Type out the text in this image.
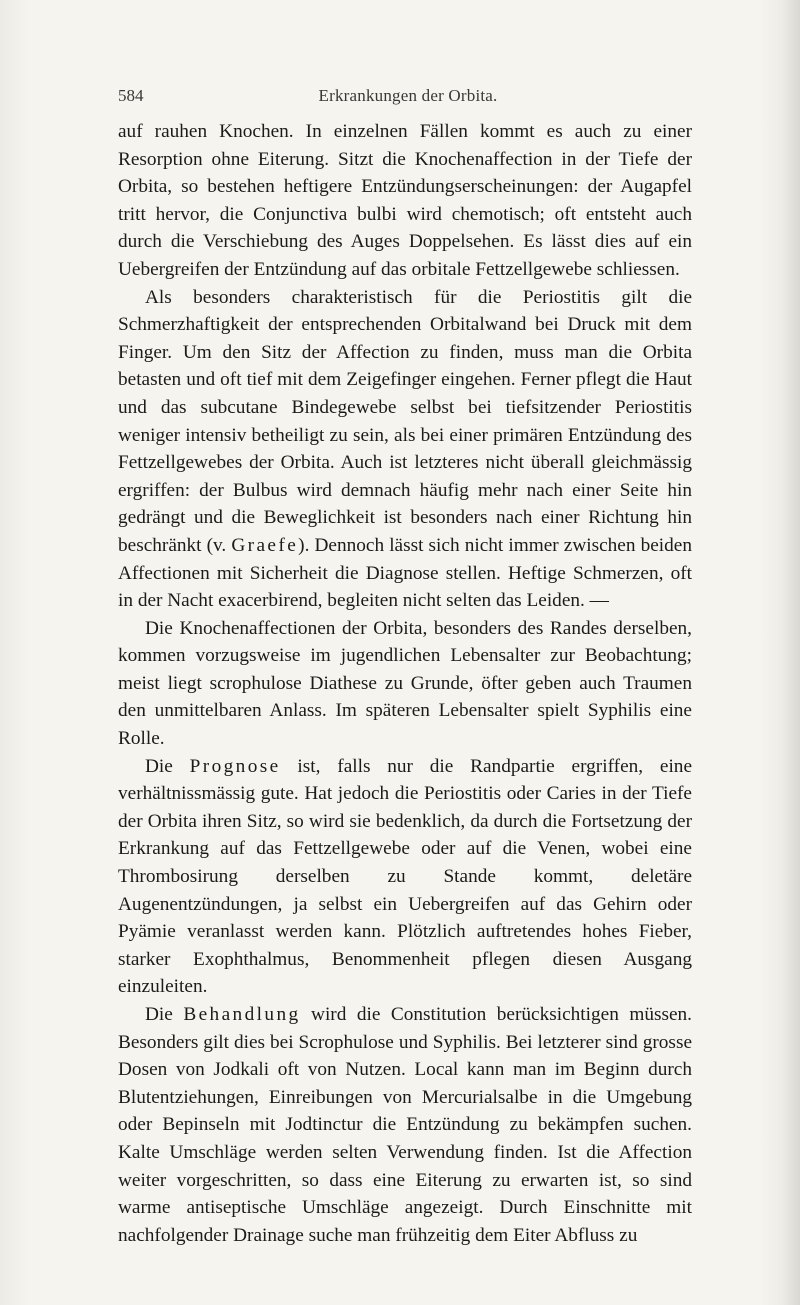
584	Erkrankungen der Orbita.

auf rauhen Knochen. In einzelnen Fällen kommt es auch zu einer Resorption ohne Eiterung. Sitzt die Knochenaffection in der Tiefe der Orbita, so bestehen heftigere Entzündungserscheinungen: der Augapfel tritt hervor, die Conjunctiva bulbi wird chemotisch; oft entsteht auch durch die Verschiebung des Auges Doppelsehen. Es lässt dies auf ein Uebergreifen der Entzündung auf das orbitale Fettzellgewebe schliessen.

Als besonders charakteristisch für die Periostitis gilt die Schmerzhaftigkeit der entsprechenden Orbitalwand bei Druck mit dem Finger. Um den Sitz der Affection zu finden, muss man die Orbita betasten und oft tief mit dem Zeigefinger eingehen. Ferner pflegt die Haut und das subcutane Bindegewebe selbst bei tiefsitzender Periostitis weniger intensiv betheiligt zu sein, als bei einer primären Entzündung des Fettzellgewebes der Orbita. Auch ist letzteres nicht überall gleichmässig ergriffen: der Bulbus wird demnach häufig mehr nach einer Seite hin gedrängt und die Beweglichkeit ist besonders nach einer Richtung hin beschränkt (v. Graefe). Dennoch lässt sich nicht immer zwischen beiden Affectionen mit Sicherheit die Diagnose stellen. Heftige Schmerzen, oft in der Nacht exacerbirend, begleiten nicht selten das Leiden. —

Die Knochenaffectionen der Orbita, besonders des Randes derselben, kommen vorzugsweise im jugendlichen Lebensalter zur Beobachtung; meist liegt scrophulose Diathese zu Grunde, öfter geben auch Traumen den unmittelbaren Anlass. Im späteren Lebensalter spielt Syphilis eine Rolle.

Die Prognose ist, falls nur die Randpartie ergriffen, eine verhältnissmässig gute. Hat jedoch die Periostitis oder Caries in der Tiefe der Orbita ihren Sitz, so wird sie bedenklich, da durch die Fortsetzung der Erkrankung auf das Fettzellgewebe oder auf die Venen, wobei eine Thrombosirung derselben zu Stande kommt, deletäre Augenentzündungen, ja selbst ein Uebergreifen auf das Gehirn oder Pyämie veranlasst werden kann. Plötzlich auftretendes hohes Fieber, starker Exophthalmus, Benommenheit pflegen diesen Ausgang einzuleiten.

Die Behandlung wird die Constitution berücksichtigen müssen. Besonders gilt dies bei Scrophulose und Syphilis. Bei letzterer sind grosse Dosen von Jodkali oft von Nutzen. Local kann man im Beginn durch Blutentziehungen, Einreibungen von Mercurialsalbe in die Umgebung oder Bepinseln mit Jodtinctur die Entzündung zu bekämpfen suchen. Kalte Umschläge werden selten Verwendung finden. Ist die Affection weiter vorgeschritten, so dass eine Eiterung zu erwarten ist, so sind warme antiseptische Umschläge angezeigt. Durch Einschnitte mit nachfolgender Drainage suche man frühzeitig dem Eiter Abfluss zu
